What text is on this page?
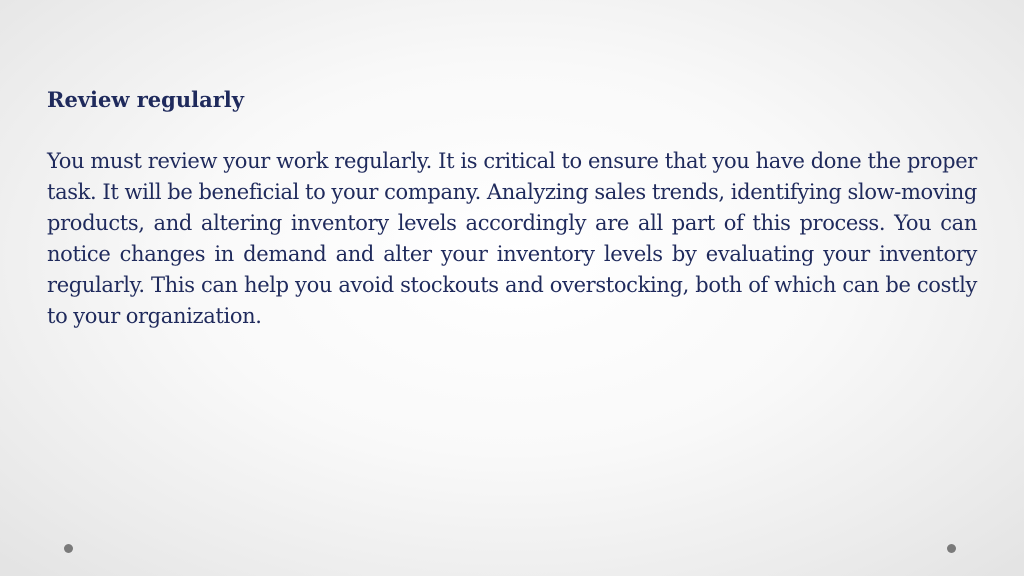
Review regularly

You must review your work regularly. It is critical to ensure that you have done the proper task. It will be beneficial to your company. Analyzing sales trends, identifying slow-moving products, and altering inventory levels accordingly are all part of this process. You can notice changes in demand and alter your inventory levels by evaluating your inventory regularly. This can help you avoid stockouts and overstocking, both of which can be costly to your organization.
